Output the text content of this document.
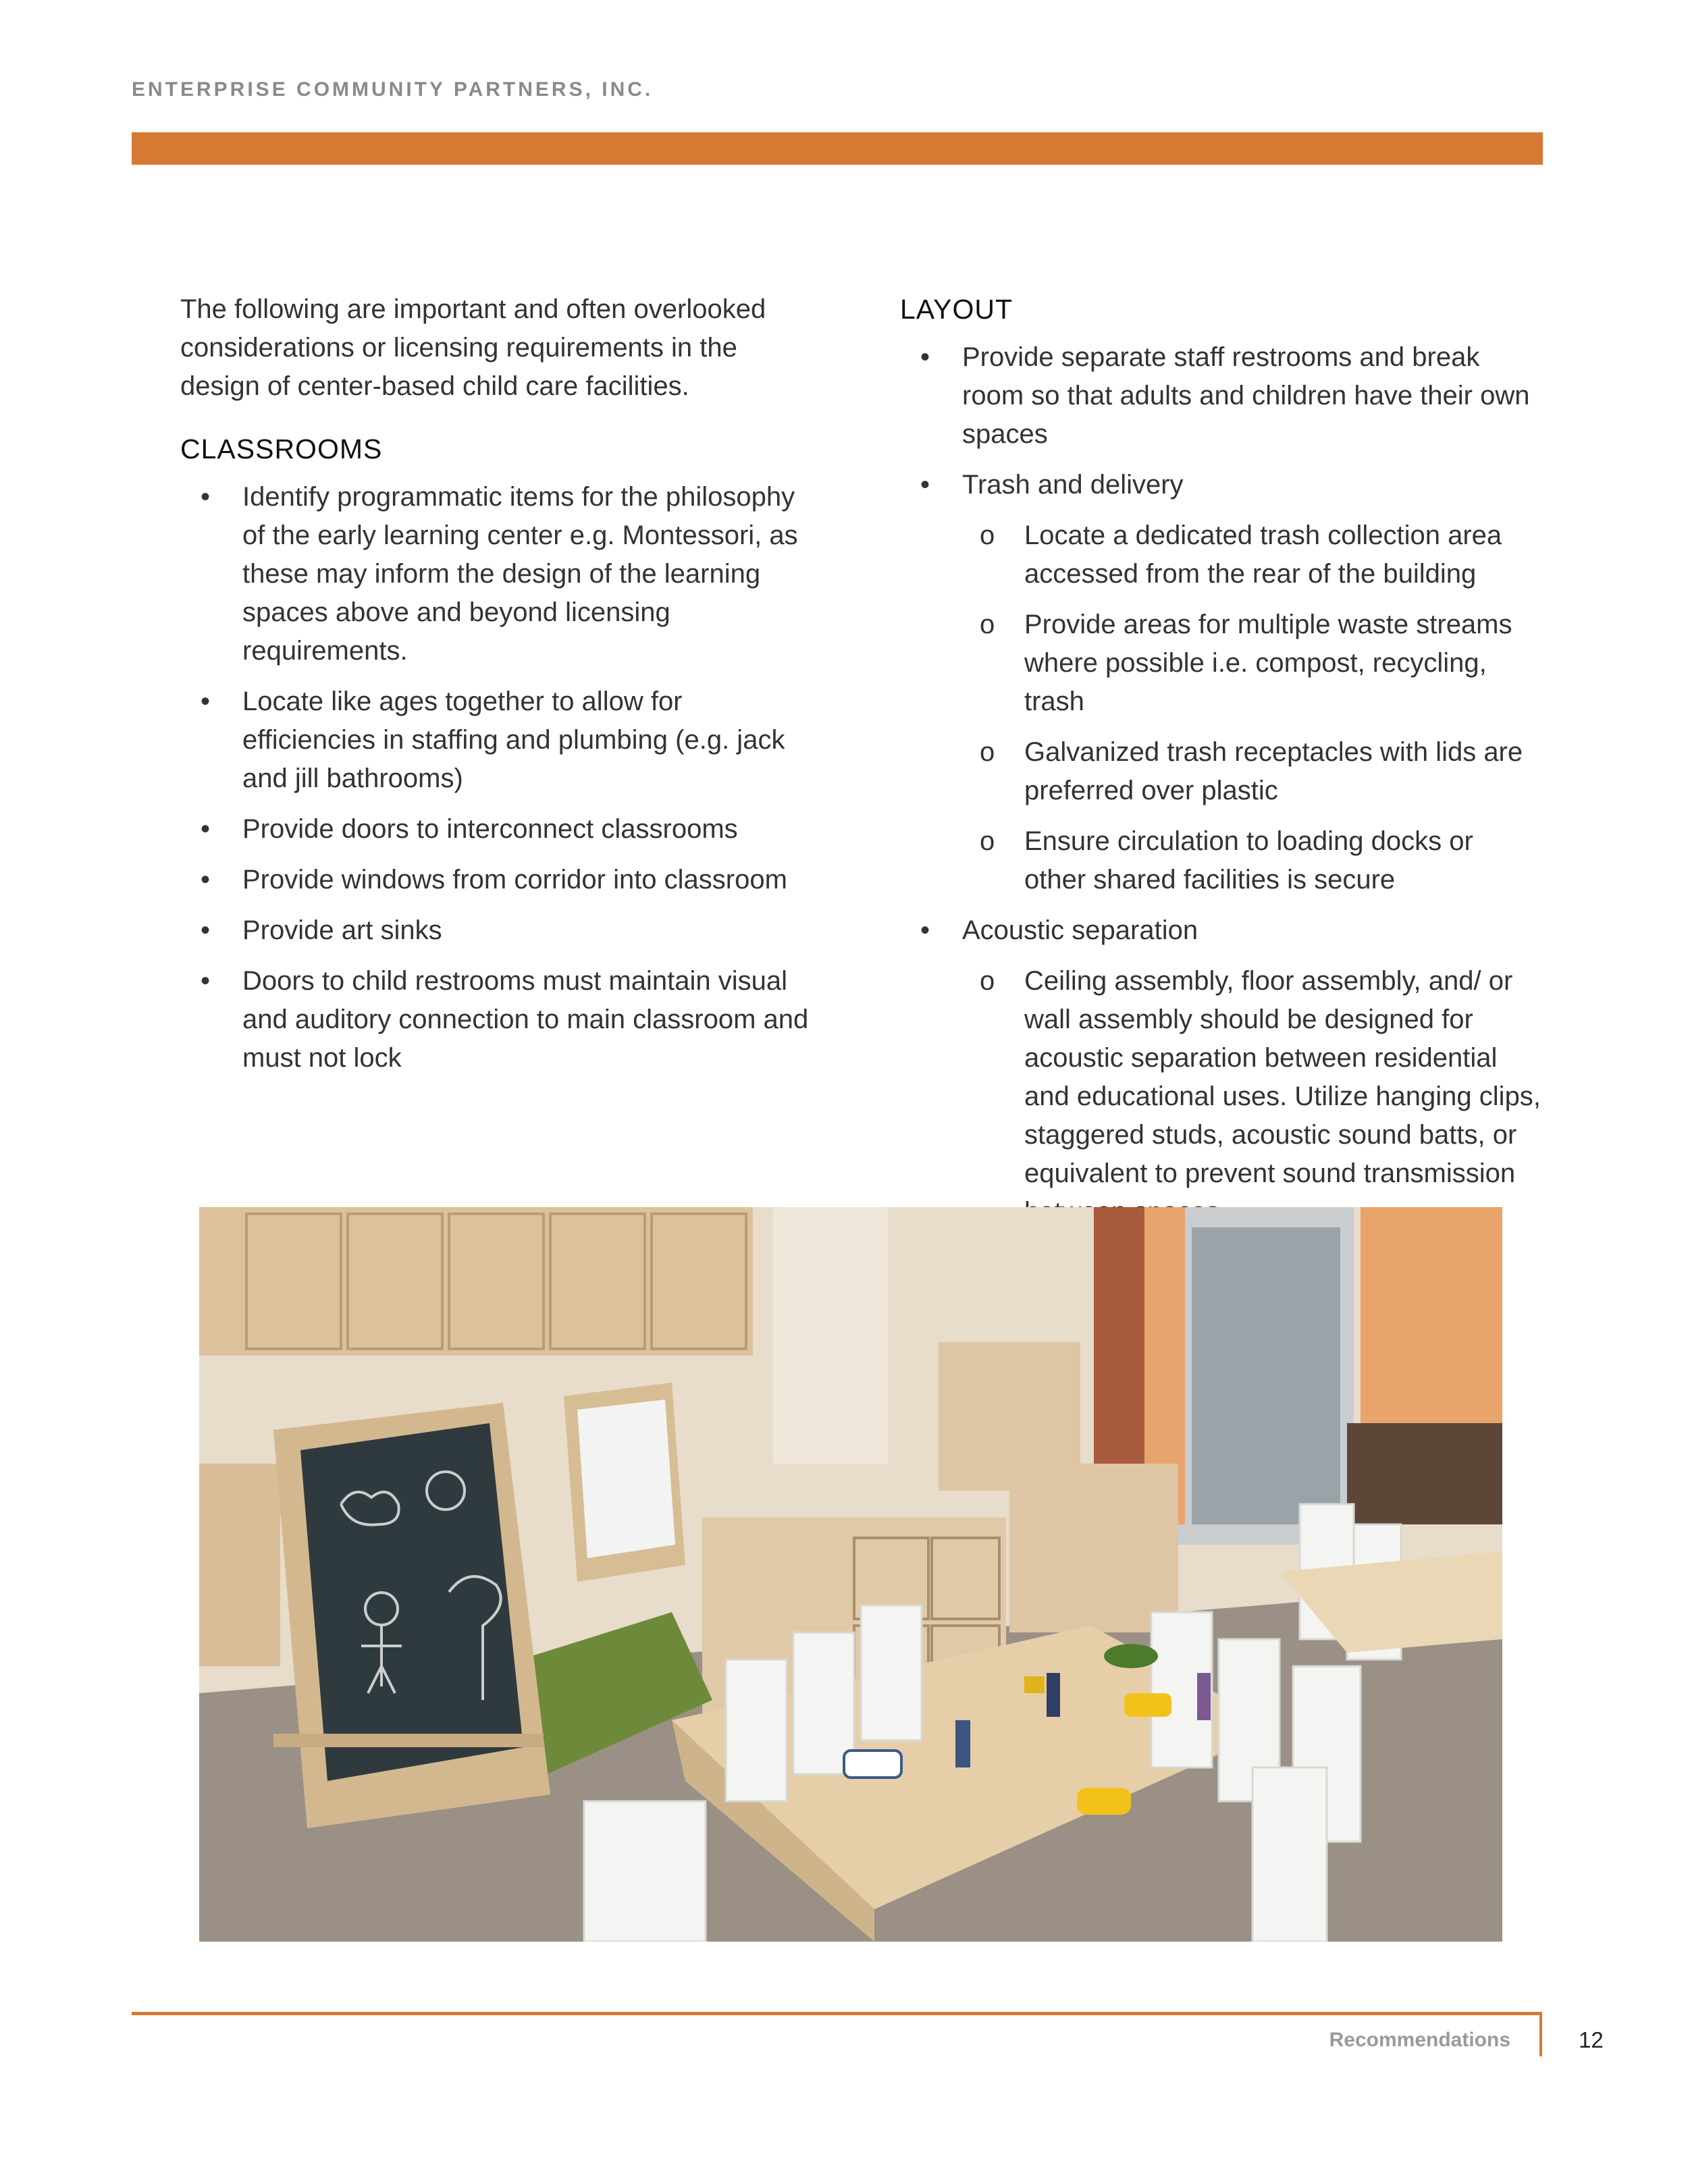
ENTERPRISE COMMUNITY PARTNERS, INC.

The following are important and often overlooked considerations or licensing requirements in the design of center-based child care facilities.

CLASSROOMS
• Identify programmatic items for the philosophy of the early learning center e.g. Montessori, as these may inform the design of the learning spaces above and beyond licensing requirements.
• Locate like ages together to allow for efficiencies in staffing and plumbing (e.g. jack and jill bathrooms)
• Provide doors to interconnect classrooms
• Provide windows from corridor into classroom
• Provide art sinks
• Doors to child restrooms must maintain visual and auditory connection to main classroom and must not lock
LAYOUT
• Provide separate staff restrooms and break room so that adults and children have their own spaces
• Trash and delivery
o Locate a dedicated trash collection area accessed from the rear of the building
o Provide areas for multiple waste streams where possible i.e. compost, recycling, trash
o Galvanized trash receptacles with lids are preferred over plastic
o Ensure circulation to loading docks or other shared facilities is secure
• Acoustic separation
o Ceiling assembly, floor assembly, and/ or wall assembly should be designed for acoustic separation between residential and educational uses. Utilize hanging clips, staggered studs, acoustic sound batts, or equivalent to prevent sound transmission
Recommendations	12
